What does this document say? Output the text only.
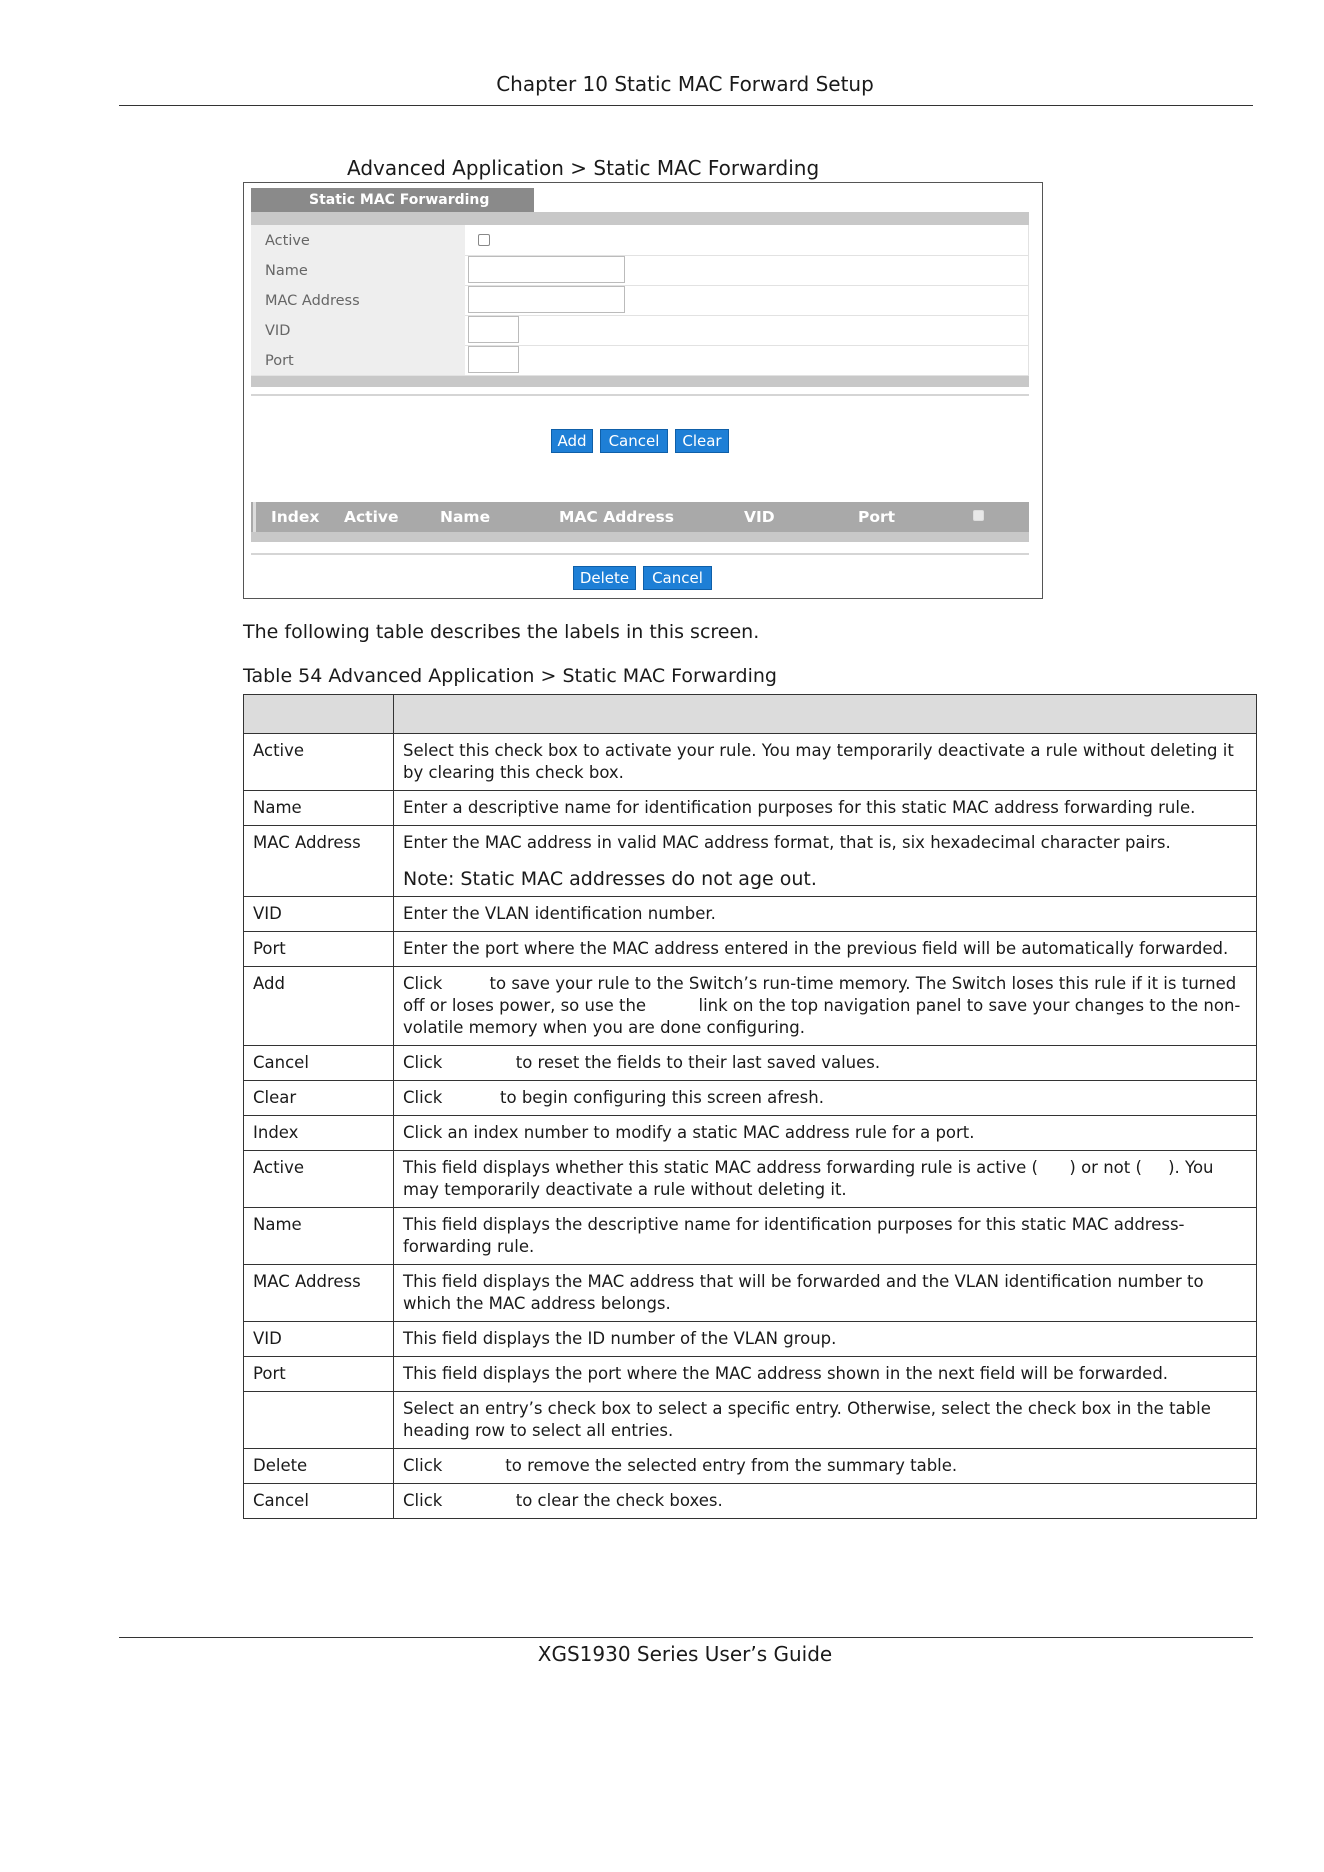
Chapter 10 Static MAC Forward Setup
Advanced Application > Static MAC Forwarding
Static MAC Forwarding
Active
Name
MAC Address
VID
Port
Add	Cancel	Clear
Index Active	Name	MAC Address	VID	Port
Delete	Cancel
The following table describes the labels in this screen.
Table 54 Advanced Application > Static MAC Forwarding

Active	Select this check box to activate your rule. You may temporarily deactivate a rule without deleting it by clearing this check box.
Name	Enter a descriptive name for identification purposes for this static MAC address forwarding rule.
MAC Address	Enter the MAC address in valid MAC address format, that is, six hexadecimal character pairs.
Note: Static MAC addresses do not age out.

VID	Enter the VLAN identification number.
Port	Enter the port where the MAC address entered in the previous field will be automatically forwarded.
Add	Click         to save your rule to the Switch’s run-time memory. The Switch loses this rule if it is turned off or loses power, so use the          link on the top navigation panel to save your changes to the non-volatile memory when you are done configuring.
Cancel	Click              to reset the fields to their last saved values.
Clear	Click           to begin configuring this screen afresh.
Index	Click an index number to modify a static MAC address rule for a port.
Active	This field displays whether this static MAC address forwarding rule is active (      ) or not (     ). You may temporarily deactivate a rule without deleting it.
Name	This field displays the descriptive name for identification purposes for this static MAC address-forwarding rule.
MAC Address	This field displays the MAC address that will be forwarded and the VLAN identification number to which the MAC address belongs.
VID	This field displays the ID number of the VLAN group.
Port	This field displays the port where the MAC address shown in the next field will be forwarded.
	Select an entry’s check box to select a specific entry. Otherwise, select the check box in the table heading row to select all entries.
Delete	Click            to remove the selected entry from the summary table.
Cancel	Click              to clear the check boxes.
XGS1930 Series User’s Guide
